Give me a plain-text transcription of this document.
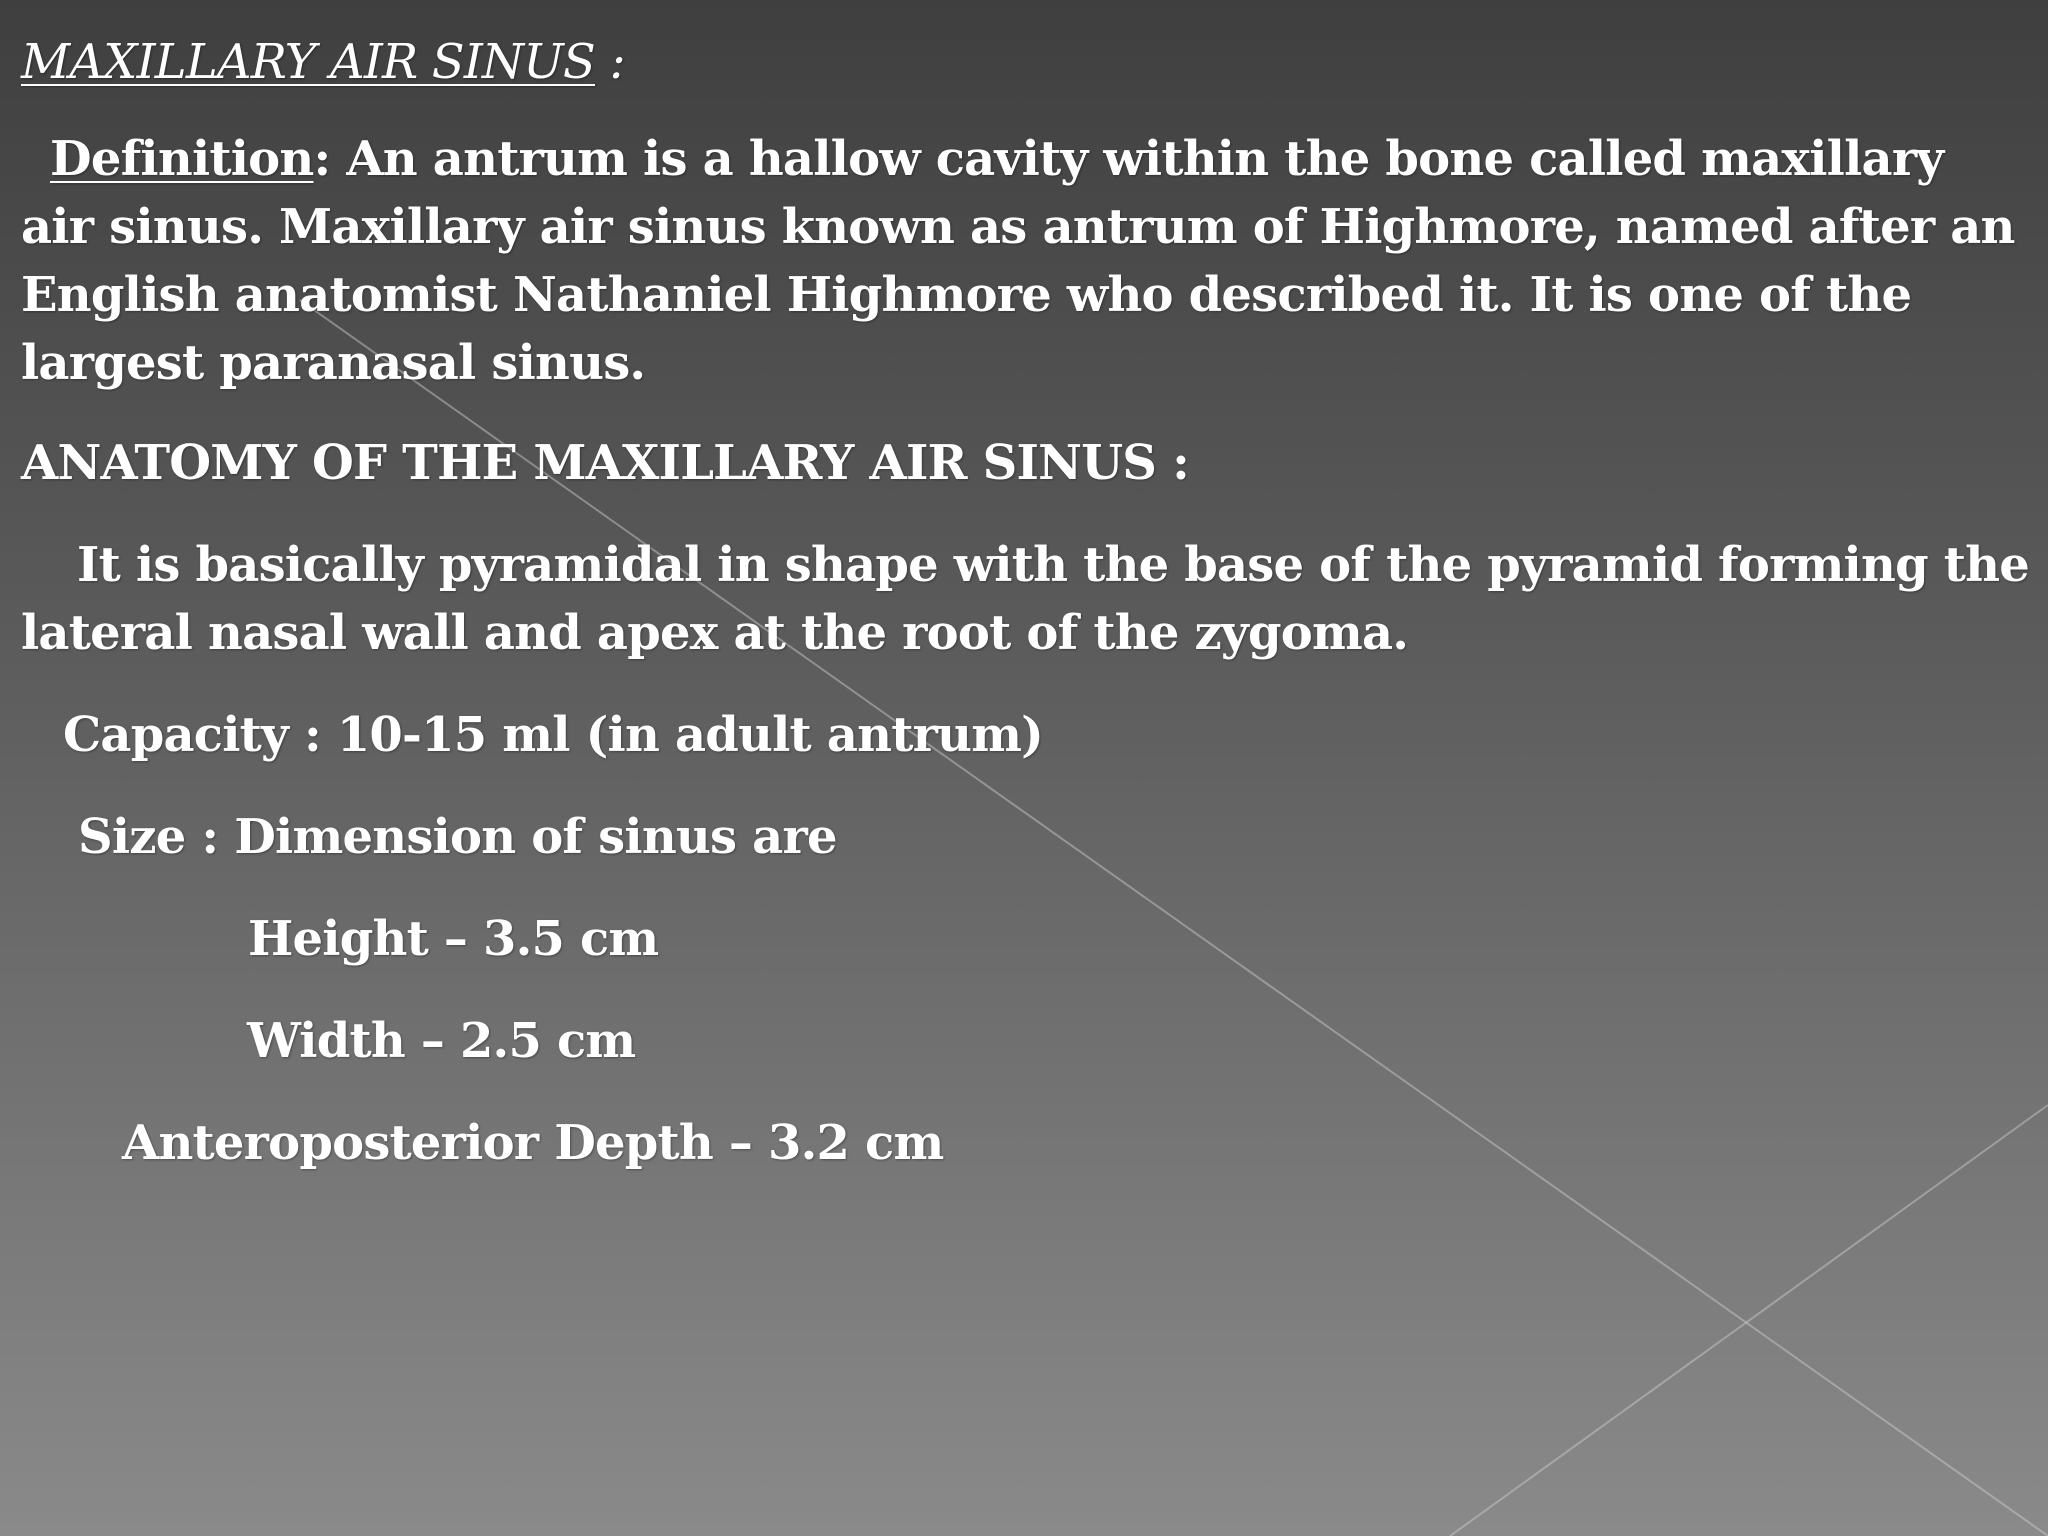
MAXILLARY AIR SINUS :
Definition: An antrum is a hallow cavity within the bone called maxillary
air sinus. Maxillary air sinus known as antrum of Highmore, named after an
English anatomist Nathaniel Highmore who described it. It is one of the
largest paranasal sinus.
ANATOMY OF THE MAXILLARY AIR SINUS :
It is basically pyramidal in shape with the base of the pyramid forming the
lateral nasal wall and apex at the root of the zygoma.
Capacity : 10-15 ml (in adult antrum)
Size : Dimension of sinus are
Height – 3.5 cm
Width – 2.5 cm
Anteroposterior Depth – 3.2 cm
